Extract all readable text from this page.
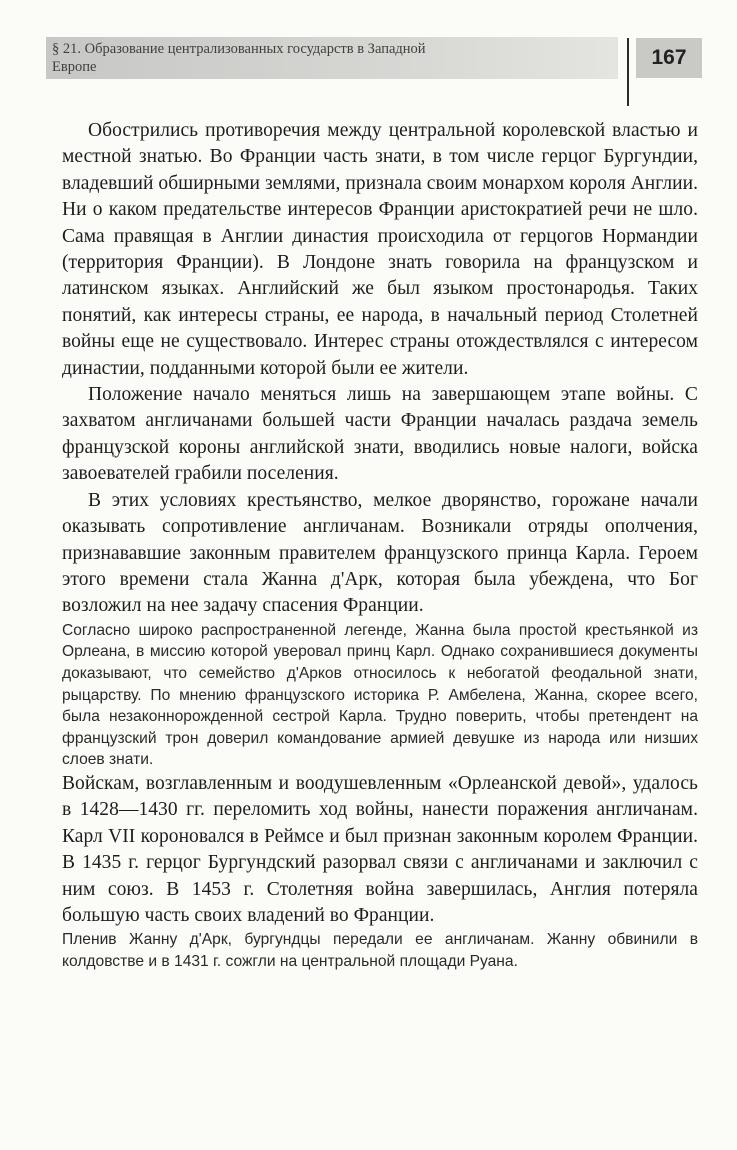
§ 21. Образование централизованных государств в Западной Европе	167

Обострились противоречия между центральной королевской властью и местной знатью. Во Франции часть знати, в том числе герцог Бургундии, владевший обширными землями, признала своим монархом короля Англии. Ни о каком предательстве интересов Франции аристократией речи не шло. Сама правящая в Англии династия происходила от герцогов Нормандии (территория Франции). В Лондоне знать говорила на французском и латинском языках. Английский же был языком простонародья. Таких понятий, как интересы страны, ее народа, в начальный период Столетней войны еще не существовало. Интерес страны отождествлялся с интересом династии, подданными которой были ее жители.

Положение начало меняться лишь на завершающем этапе войны. С захватом англичанами большей части Франции началась раздача земель французской короны английской знати, вводились новые налоги, войска завоевателей грабили поселения.

В этих условиях крестьянство, мелкое дворянство, горожане начали оказывать сопротивление англичанам. Возникали отряды ополчения, признававшие законным правителем французского принца Карла. Героем этого времени стала Жанна д'Арк, которая была убеждена, что Бог возложил на нее задачу спасения Франции.

Согласно широко распространенной легенде, Жанна была простой крестьянкой из Орлеана, в миссию которой уверовал принц Карл. Однако сохранившиеся документы доказывают, что семейство д'Арков относилось к небогатой феодальной знати, рыцарству. По мнению французского историка Р. Амбелена, Жанна, скорее всего, была незаконнорожденной сестрой Карла. Трудно поверить, чтобы претендент на французский трон доверил командование армией девушке из народа или низших слоев знати.

Войскам, возглавленным и воодушевленным «Орлеанской девой», удалось в 1428—1430 гг. переломить ход войны, нанести поражения англичанам. Карл VII короновался в Реймсе и был признан законным королем Франции. В 1435 г. герцог Бургундский разорвал связи с англичанами и заключил с ним союз. В 1453 г. Столетняя война завершилась, Англия потеряла большую часть своих владений во Франции.

Пленив Жанну д'Арк, бургундцы передали ее англичанам. Жанну обвинили в колдовстве и в 1431 г. сожгли на центральной площади Руана.
